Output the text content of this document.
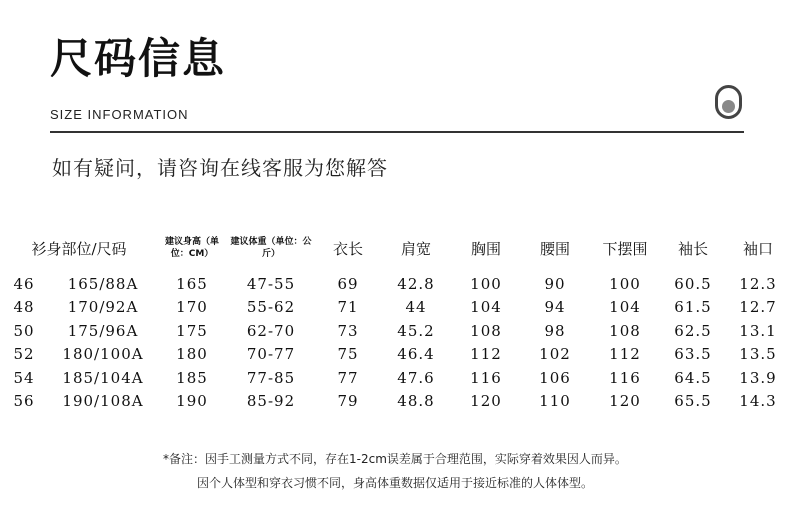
尺码信息
SIZE INFORMATION
如有疑问，请咨询在线客服为您解答
衫身部位/尺码		建议身高（单位：CM）	建议体重（单位：公斤）	衣长	肩宽	胸围	腰围	下摆围	袖长	袖口
46	165/88A	165	47-55	69	42.8	100	90	100	60.5	12.3
48	170/92A	170	55-62	71	44	104	94	104	61.5	12.7
50	175/96A	175	62-70	73	45.2	108	98	108	62.5	13.1
52	180/100A	180	70-77	75	46.4	112	102	112	63.5	13.5
54	185/104A	185	77-85	77	47.6	116	106	116	64.5	13.9
56	190/108A	190	85-92	79	48.8	120	110	120	65.5	14.3
*备注：因手工测量方式不同，存在1-2cm误差属于合理范围，实际穿着效果因人而异。
因个人体型和穿衣习惯不同，身高体重数据仅适用于接近标准的人体体型。
